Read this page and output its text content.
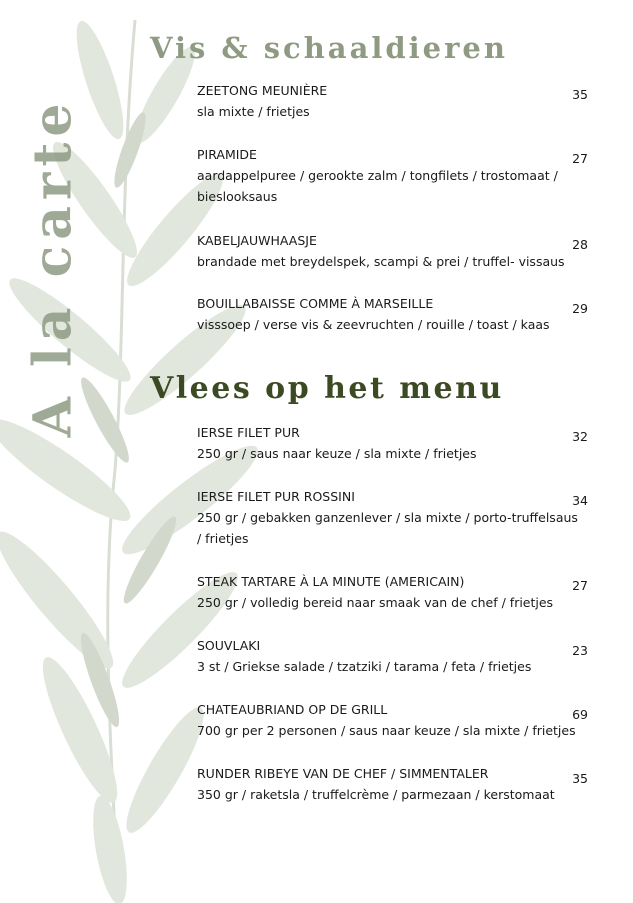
A la carte
Vis & schaaldieren
ZEETONG MEUNIÈRE
sla mixte / frietjes
35
PIRAMIDE
aardappelpuree / gerookte zalm / tongfilets / trostomaat / bieslooksaus
27
KABELJAUWHAASJE
brandade met breydelspek, scampi & prei / truffel- vissaus
28
BOUILLABAISSE COMME À MARSEILLE
visssoep / verse vis & zeevruchten / rouille / toast / kaas
29
Vlees op het menu
IERSE FILET PUR
250 gr / saus naar keuze / sla mixte / frietjes
32
IERSE FILET PUR ROSSINI
250 gr / gebakken ganzenlever / sla mixte / porto-truffelsaus / frietjes
34
STEAK TARTARE À LA MINUTE (AMERICAIN)
250 gr / volledig bereid naar smaak van de chef / frietjes
27
SOUVLAKI
3 st / Griekse salade / tzatziki / tarama / feta / frietjes
23
CHATEAUBRIAND OP DE GRILL
700 gr per 2 personen / saus naar keuze / sla mixte / frietjes
69
RUNDER RIBEYE VAN DE CHEF / SIMMENTALER
350 gr / raketsla / truffelcrème / parmezaan / kerstomaat
35
